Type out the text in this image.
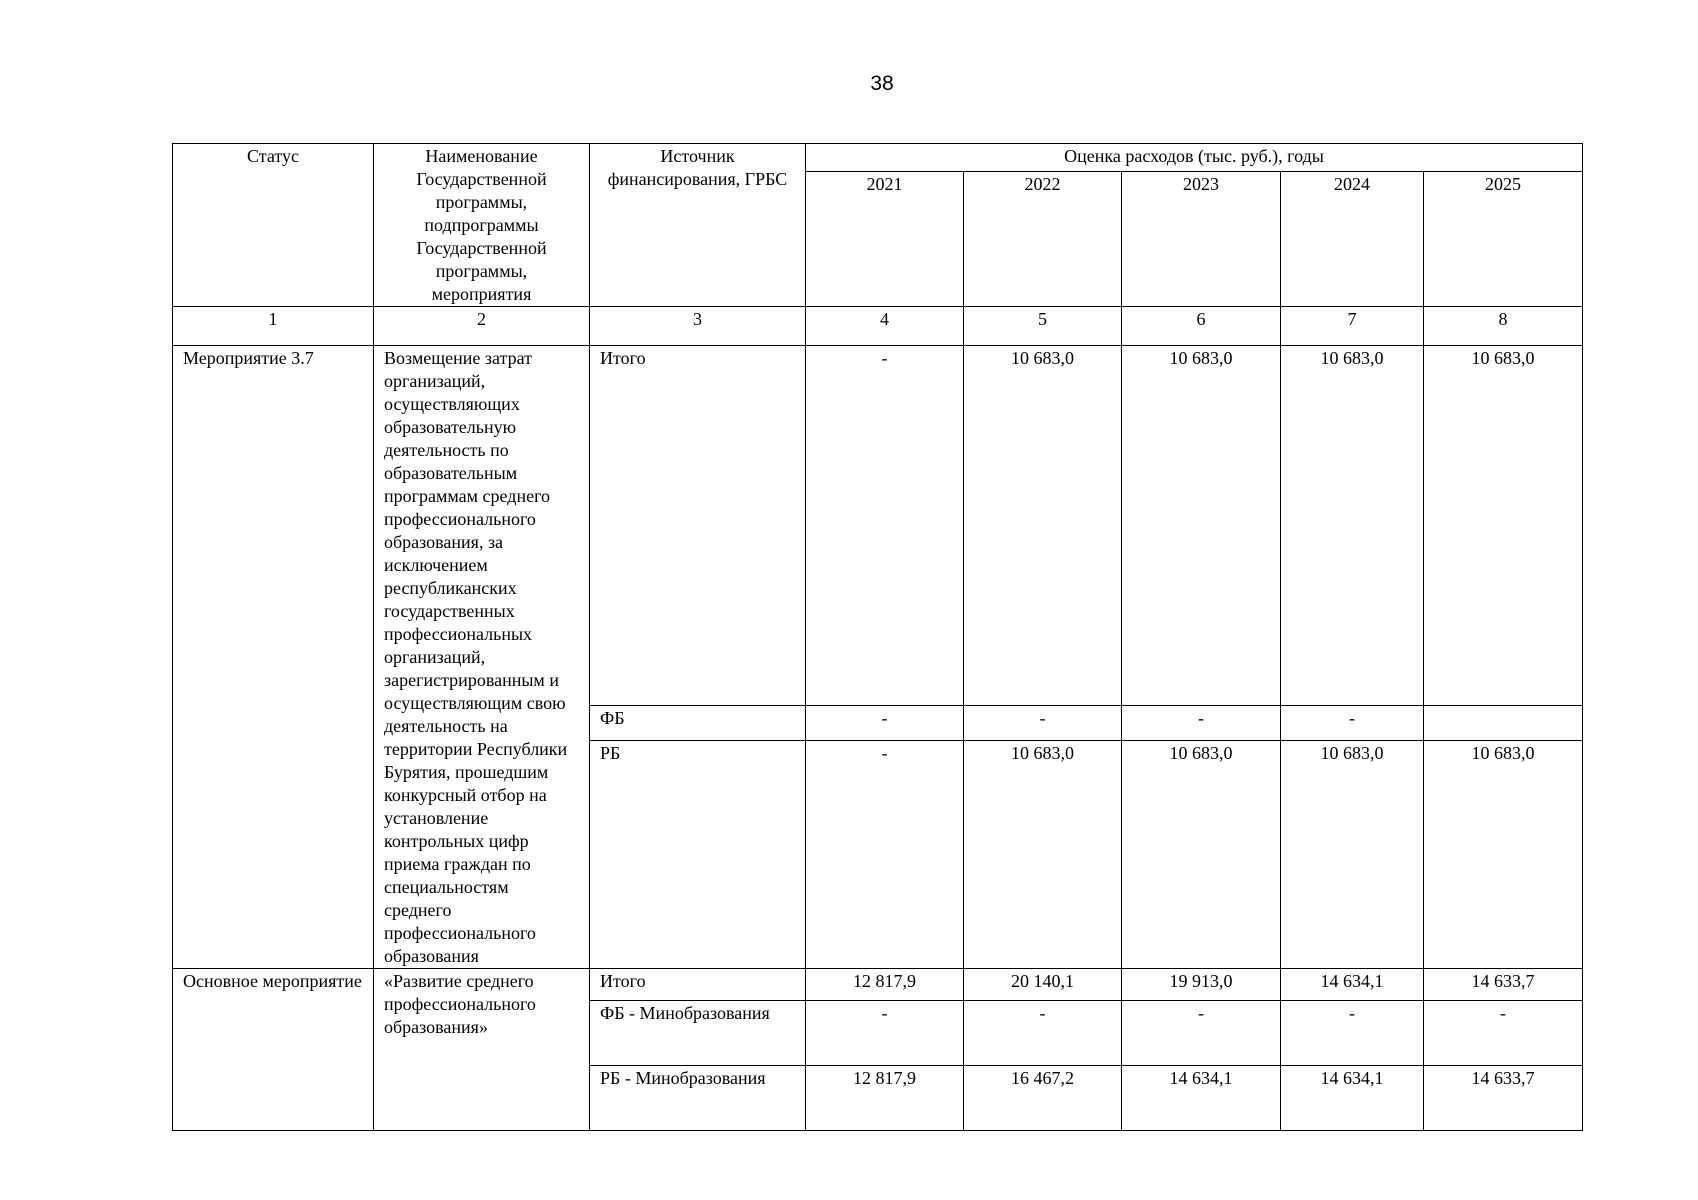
38
Статус	Наименование Государственной программы, подпрограммы Государственной программы, мероприятия	Источник финансирования, ГРБС	Оценка расходов (тыс. руб.), годы				
			2021	2022	2023	2024	2025
1	2	3	4	5	6	7	8
Мероприятие 3.7	Возмещение затрат организаций, осуществляющих образовательную деятельность по образовательным программам среднего профессионального образования, за исключением республиканских государственных профессиональных организаций, зарегистрированным и осуществляющим свою деятельность на территории Республики Бурятия, прошедшим конкурсный отбор на установление контрольных цифр приема граждан по специальностям среднего профессионального образования	Итого	-	10 683,0	10 683,0	10 683,0	10 683,0
		ФБ	-	-	-	-	
		РБ	-	10 683,0	10 683,0	10 683,0	10 683,0
Основное мероприятие	«Развитие среднего профессионального образования»	Итого	12 817,9	20 140,1	19 913,0	14 634,1	14 633,7
		ФБ - Минобразования	-	-	-	-	-
		РБ - Минобразования	12 817,9	16 467,2	14 634,1	14 634,1	14 633,7
